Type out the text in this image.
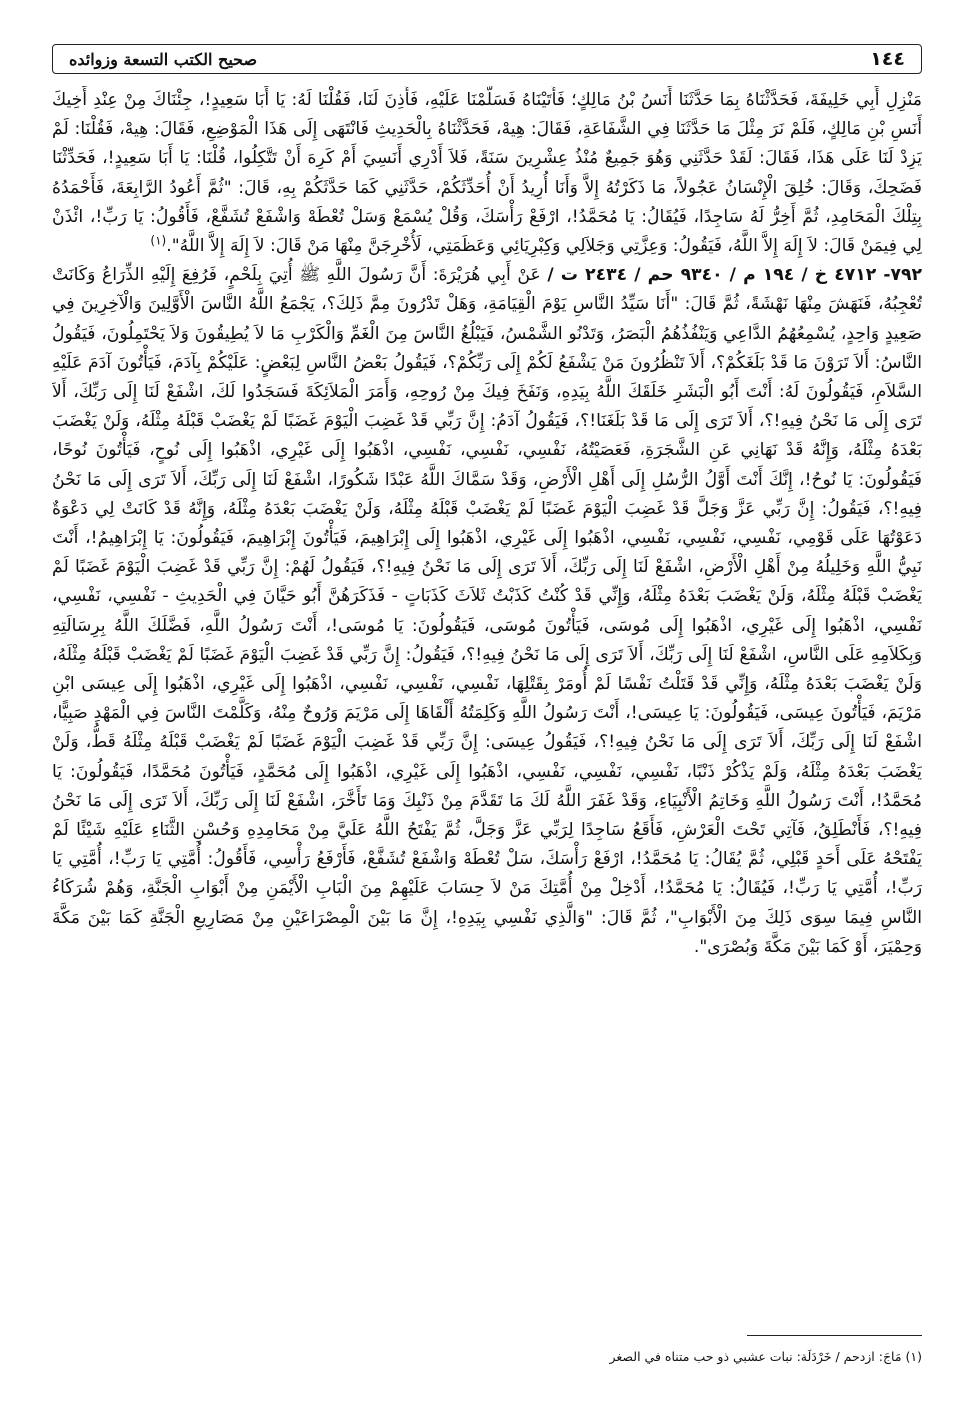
١٤٤
صحيح الكتب التسعة وزوائده

مَنْزِلِ أَبِي خَلِيفَةَ، فَحَدَّثْنَاهُ بِمَا حَدَّثَنَا أَنَسُ بْنُ مَالِكٍ؛ فَأَتَيْنَاهُ فَسَلَّمْنَا عَلَيْهِ، فَأَذِنَ لَنَا، فَقُلْنَا لَهُ: يَا أَبَا سَعِيدٍ!، جِئْنَاكَ مِنْ عِنْدِ أَخِيكَ أَنَسِ بْنِ مَالِكٍ، فَلَمْ نَرَ مِثْلَ مَا حَدَّثَنَا فِي الشَّفَاعَةِ، فَقَالَ: هِيهْ، فَحَدَّثْنَاهُ بِالْحَدِيثِ فَانْتَهَى إِلَى هَذَا الْمَوْضِعِ، فَقَالَ: هِيهْ، فَقُلْنَا: لَمْ يَزِدْ لَنَا عَلَى هَذَا، فَقَالَ: لَقَدْ حَدَّثَنِي وَهُوَ جَمِيعٌ مُنْذُ عِشْرِينَ سَنَةً، فَلاَ أَدْرِي أَنَسِيَ أَمْ كَرِهَ أَنْ تَتَّكِلُوا، قُلْنَا: يَا أَبَا سَعِيدٍ!، فَحَدِّثْنَا فَضَحِكَ، وَقَالَ: خُلِقَ الْإِنْسَانُ عَجُولاً، مَا ذَكَرْتُهُ إِلاَّ وَأَنَا أُرِيدُ أَنْ أُحَدِّثَكُمْ، حَدَّثَنِي كَمَا حَدَّثَكُمْ بِهِ، قَالَ: "ثُمَّ أَعُودُ الرَّابِعَةَ، فَأَحْمَدُهُ بِتِلْكَ الْمَحَامِدِ، ثُمَّ أَخِرُّ لَهُ سَاجِدًا، فَيُقَالُ: يَا مُحَمَّدُ!، ارْفَعْ رَأْسَكَ، وَقُلْ يُسْمَعْ وَسَلْ تُعْطَهْ وَاشْفَعْ تُشَفَّعْ، فَأَقُولُ: يَا رَبِّ!، ائْذَنْ لِي فِيمَنْ قَالَ: لاَ إِلَهَ إِلاَّ اللَّهُ، فَيَقُولُ: وَعِزَّتِي وَجَلاَلِي وَكِبْرِيَائِي وَعَظَمَتِي، لَأُخْرِجَنَّ مِنْهَا مَنْ قَالَ: لاَ إِلَهَ إِلاَّ اللَّهُ".$^{(١)}$

٧٩٢- ٤٧١٢ خ / ١٩٤ م / ٩٣٤٠ حم / ٢٤٣٤ ت / عَنْ أَبِي هُرَيْرَةَ: أَنَّ رَسُولَ اللَّهِ ﷺ أُتِيَ بِلَحْمٍ، فَرُفِعَ إِلَيْهِ الذِّرَاعُ وَكَانَتْ تُعْجِبُهُ، فَنَهَشَ مِنْهَا نَهْشَةً، ثُمَّ قَالَ: "أَنَا سَيِّدُ النَّاسِ يَوْمَ الْقِيَامَةِ، وَهَلْ تَدْرُونَ مِمَّ ذَلِكَ؟، يَجْمَعُ اللَّهُ النَّاسَ الْأَوَّلِينَ وَالْآخِرِينَ فِي صَعِيدٍ وَاحِدٍ، يُسْمِعُهُمُ الدَّاعِي وَيَنْفُذُهُمُ الْبَصَرُ، وَتَدْنُو الشَّمْسُ، فَيَبْلُغُ النَّاسَ مِنَ الْغَمِّ وَالْكَرْبِ مَا لاَ يُطِيقُونَ وَلاَ يَحْتَمِلُونَ، فَيَقُولُ النَّاسُ: أَلاَ تَرَوْنَ مَا قَدْ بَلَغَكُمْ؟، أَلاَ تَنْظُرُونَ مَنْ يَشْفَعُ لَكُمْ إِلَى رَبِّكُمْ؟، فَيَقُولُ بَعْضُ النَّاسِ لِبَعْضٍ: عَلَيْكُمْ بِآدَمَ، فَيَأْتُونَ آدَمَ عَلَيْهِ السَّلاَمِ، فَيَقُولُونَ لَهُ: أَنْتَ أَبُو الْبَشَرِ خَلَقَكَ اللَّهُ بِيَدِهِ، وَنَفَخَ فِيكَ مِنْ رُوحِهِ، وَأَمَرَ الْمَلاَئِكَةَ فَسَجَدُوا لَكَ، اشْفَعْ لَنَا إِلَى رَبِّكَ، أَلاَ تَرَى إِلَى مَا نَحْنُ فِيهِ!؟، أَلاَ تَرَى إِلَى مَا قَدْ بَلَغَنَا!؟، فَيَقُولُ آدَمُ: إِنَّ رَبِّي قَدْ غَضِبَ الْيَوْمَ غَضَبًا لَمْ يَغْضَبْ قَبْلَهُ مِثْلَهُ، وَلَنْ يَغْضَبَ بَعْدَهُ مِثْلَهُ، وَإِنَّهُ قَدْ نَهَانِي عَنِ الشَّجَرَةِ، فَعَصَيْتُهُ، نَفْسِي، نَفْسِي، نَفْسِي، اذْهَبُوا إِلَى غَيْرِي، اذْهَبُوا إِلَى نُوحٍ، فَيَأْتُونَ نُوحًا، فَيَقُولُونَ: يَا نُوحُ!، إِنَّكَ أَنْتَ أَوَّلُ الرُّسُلِ إِلَى أَهْلِ الْأَرْضِ، وَقَدْ سَمَّاكَ اللَّهُ عَبْدًا شَكُورًا، اشْفَعْ لَنَا إِلَى رَبِّكَ، أَلاَ تَرَى إِلَى مَا نَحْنُ فِيهِ!؟، فَيَقُولُ: إِنَّ رَبِّي عَزَّ وَجَلَّ قَدْ غَضِبَ الْيَوْمَ غَضَبًا لَمْ يَغْضَبْ قَبْلَهُ مِثْلَهُ، وَلَنْ يَغْضَبَ بَعْدَهُ مِثْلَهُ، وَإِنَّهُ قَدْ كَانَتْ لِي دَعْوَةٌ دَعَوْتُهَا عَلَى قَوْمِي، نَفْسِي، نَفْسِي، نَفْسِي، اذْهَبُوا إِلَى غَيْرِي، اذْهَبُوا إِلَى إِبْرَاهِيمَ، فَيَأْتُونَ إِبْرَاهِيمَ، فَيَقُولُونَ: يَا إِبْرَاهِيمُ!، أَنْتَ نَبِيُّ اللَّهِ وَخَلِيلُهُ مِنْ أَهْلِ الْأَرْضِ، اشْفَعْ لَنَا إِلَى رَبِّكَ، أَلاَ تَرَى إِلَى مَا نَحْنُ فِيهِ!؟، فَيَقُولُ لَهُمْ: إِنَّ رَبِّي قَدْ غَضِبَ الْيَوْمَ غَضَبًا لَمْ يَغْضَبْ قَبْلَهُ مِثْلَهُ، وَلَنْ يَغْضَبَ بَعْدَهُ مِثْلَهُ، وَإِنِّي قَدْ كُنْتُ كَذَبْتُ ثَلاَثَ كَذَبَاتٍ - فَذَكَرَهُنَّ أَبُو حَيَّانَ فِي الْحَدِيثِ - نَفْسِي، نَفْسِي، نَفْسِي، اذْهَبُوا إِلَى غَيْرِي، اذْهَبُوا إِلَى مُوسَى، فَيَأْتُونَ مُوسَى، فَيَقُولُونَ: يَا مُوسَى!، أَنْتَ رَسُولُ اللَّهِ، فَضَّلَكَ اللَّهُ بِرِسَالَتِهِ وَبِكَلاَمِهِ عَلَى النَّاسِ، اشْفَعْ لَنَا إِلَى رَبِّكَ، أَلاَ تَرَى إِلَى مَا نَحْنُ فِيهِ!؟، فَيَقُولُ: إِنَّ رَبِّي قَدْ غَضِبَ الْيَوْمَ غَضَبًا لَمْ يَغْضَبْ قَبْلَهُ مِثْلَهُ، وَلَنْ يَغْضَبَ بَعْدَهُ مِثْلَهُ، وَإِنِّي قَدْ قَتَلْتُ نَفْسًا لَمْ أُومَرْ بِقَتْلِهَا، نَفْسِي، نَفْسِي، نَفْسِي، اذْهَبُوا إِلَى غَيْرِي، اذْهَبُوا إِلَى عِيسَى ابْنِ مَرْيَمَ، فَيَأْتُونَ عِيسَى، فَيَقُولُونَ: يَا عِيسَى!، أَنْتَ رَسُولُ اللَّهِ وَكَلِمَتُهُ أَلْقَاهَا إِلَى مَرْيَمَ وَرُوحٌ مِنْهُ، وَكَلَّمْتَ النَّاسَ فِي الْمَهْدِ صَبِيًّا، اشْفَعْ لَنَا إِلَى رَبِّكَ، أَلاَ تَرَى إِلَى مَا نَحْنُ فِيهِ!؟، فَيَقُولُ عِيسَى: إِنَّ رَبِّي قَدْ غَضِبَ الْيَوْمَ غَضَبًا لَمْ يَغْضَبْ قَبْلَهُ مِثْلَهُ قَطُّ، وَلَنْ يَغْضَبَ بَعْدَهُ مِثْلَهُ، وَلَمْ يَذْكُرْ ذَنْبًا، نَفْسِي، نَفْسِي، نَفْسِي، اذْهَبُوا إِلَى غَيْرِي، اذْهَبُوا إِلَى مُحَمَّدٍ، فَيَأْتُونَ مُحَمَّدًا، فَيَقُولُونَ: يَا مُحَمَّدُ!، أَنْتَ رَسُولُ اللَّهِ وَخَاتِمُ الْأَنْبِيَاءِ، وَقَدْ غَفَرَ اللَّهُ لَكَ مَا تَقَدَّمَ مِنْ ذَنْبِكَ وَمَا تَأَخَّرَ، اشْفَعْ لَنَا إِلَى رَبِّكَ، أَلاَ تَرَى إِلَى مَا نَحْنُ فِيهِ!؟، فَأَنْطَلِقُ، فَآتِي تَحْتَ الْعَرْشِ، فَأَقَعُ سَاجِدًا لِرَبِّي عَزَّ وَجَلَّ، ثُمَّ يَفْتَحُ اللَّهُ عَلَيَّ مِنْ مَحَامِدِهِ وَحُسْنِ الثَّنَاءِ عَلَيْهِ شَيْئًا لَمْ يَفْتَحْهُ عَلَى أَحَدٍ قَبْلِي، ثُمَّ يُقَالُ: يَا مُحَمَّدُ!، ارْفَعْ رَأْسَكَ، سَلْ تُعْطَهْ وَاشْفَعْ تُشَفَّعْ، فَأَرْفَعُ رَأْسِي، فَأَقُولُ: أُمَّتِي يَا رَبِّ!، أُمَّتِي يَا رَبِّ!، أُمَّتِي يَا رَبِّ!، فَيُقَالُ: يَا مُحَمَّدُ!، أَدْخِلْ مِنْ أُمَّتِكَ مَنْ لاَ حِسَابَ عَلَيْهِمْ مِنَ الْبَابِ الْأَيْمَنِ مِنْ أَبْوَابِ الْجَنَّةِ، وَهُمْ شُرَكَاءُ النَّاسِ فِيمَا سِوَى ذَلِكَ مِنَ الْأَبْوَابِ"، ثُمَّ قَالَ: "وَالَّذِي نَفْسِي بِيَدِهِ!، إِنَّ مَا بَيْنَ الْمِصْرَاعَيْنِ مِنْ مَصَارِيعِ الْجَنَّةِ كَمَا بَيْنَ مَكَّةَ وَحِمْيَرَ، أَوْ كَمَا بَيْنَ مَكَّةَ وَبُصْرَى".

(١) مَاجَ: ازدحم / خَرْدَلَة: نبات عشبي ذو حب متناه في الصغر
